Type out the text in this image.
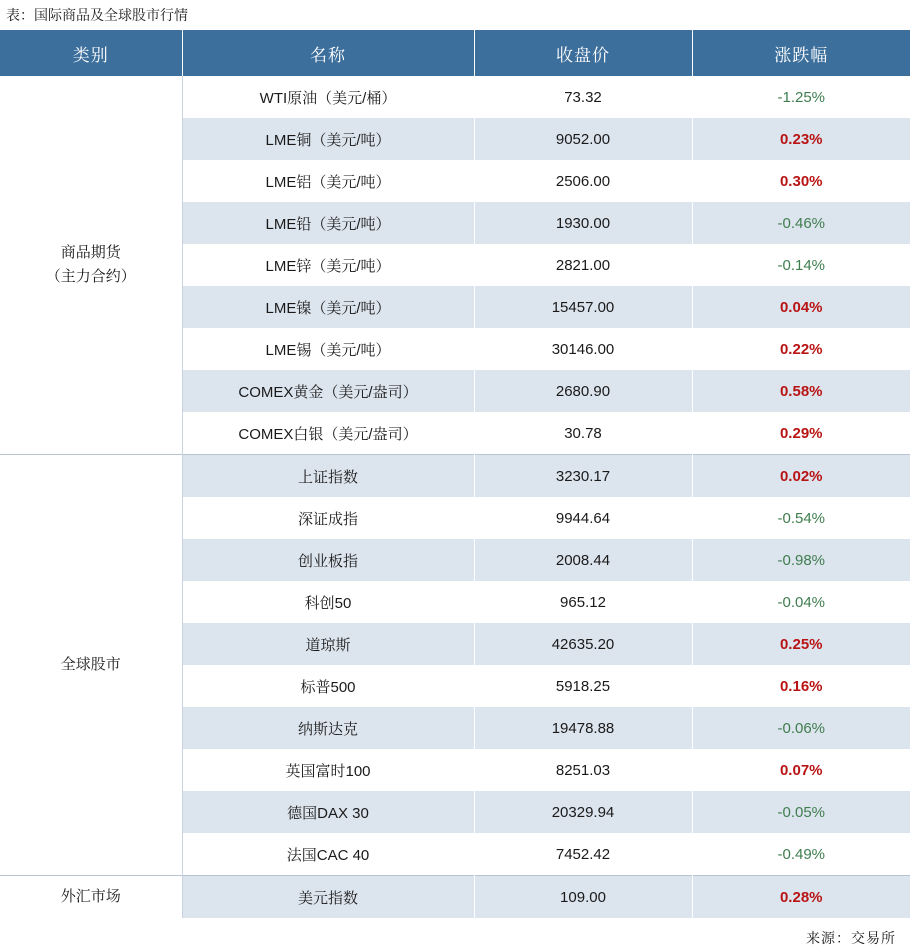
表：国际商品及全球股市行情
类别	名称	收盘价	涨跌幅

商品期货
（主力合约）	WTI原油（美元/桶）	73.32	-1.25%
	LME铜（美元/吨）	9052.00	0.23%
	LME铝（美元/吨）	2506.00	0.30%
	LME铅（美元/吨）	1930.00	-0.46%
	LME锌（美元/吨）	2821.00	-0.14%
	LME镍（美元/吨）	15457.00	0.04%
	LME锡（美元/吨）	30146.00	0.22%
	COMEX黄金（美元/盎司）	2680.90	0.58%
	COMEX白银（美元/盎司）	30.78	0.29%

全球股市	上证指数	3230.17	0.02%
	深证成指	9944.64	-0.54%
	创业板指	2008.44	-0.98%
	科创50	965.12	-0.04%
	道琼斯	42635.20	0.25%
	标普500	5918.25	0.16%
	纳斯达克	19478.88	-0.06%
	英国富时100	8251.03	0.07%
	德国DAX 30	20329.94	-0.05%
	法国CAC 40	7452.42	-0.49%

外汇市场	美元指数	109.00	0.28%
来源：交易所
